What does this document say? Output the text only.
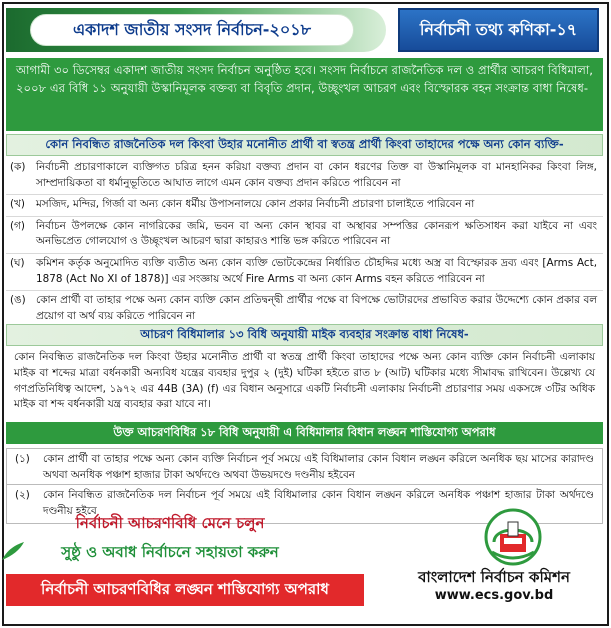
একাদশ জাতীয় সংসদ নির্বাচন-২০১৮	নির্বাচনী তথ্য কণিকা-১৭
আগামী ৩০ ডিসেম্বর একাদশ জাতীয় সংসদ নির্বাচন অনুষ্ঠিত হবে। সংসদ নির্বাচনে রাজনৈতিক দল ও প্রার্থীর আচরণ বিধিমালা, ২০০৮ এর বিধি ১১ অনুযায়ী উস্কানিমূলক বক্তব্য বা বিবৃতি প্রদান, উচ্ছৃংখল আচরণ এবং বিস্ফোরক বহন সংক্রান্ত বাধা নিষেধ-
কোন নিবন্ধিত রাজনৈতিক দল কিংবা উহার মনোনীত প্রার্থী বা স্বতন্ত্র প্রার্থী কিংবা তাহাদের পক্ষে অন্য কোন ব্যক্তি-
(ক)	নির্বাচনী প্রচারণাকালে ব্যক্তিগত চরিত্র হনন করিয়া বক্তব্য প্রদান বা কোন ধরণের তিক্ত বা উস্কানিমূলক বা মানহানিকর কিংবা লিঙ্গ, সাম্প্রদায়িকতা বা ধর্মানুভূতিতে আঘাত লাগে এমন কোন বক্তব্য প্রদান করিতে পারিবেন না
(খ)	মসজিদ, মন্দির, গির্জা বা অন্য কোন ধর্মীয় উপাসনালয়ে কোন প্রকার নির্বাচনী প্রচারণা চালাইতে পারিবেন না
(গ)	নির্বাচন উপলক্ষে কোন নাগরিকের জমি, ভবন বা অন্য কোন স্থাবর বা অস্থাবর সম্পত্তির কোনরূপ ক্ষতিসাধন করা যাইবে না এবং অনভিপ্রেত গোলযোগ ও উচ্ছৃংখল আচরণ দ্বারা কাহারও শান্তি ভঙ্গ করিতে পারিবেন না
(ঘ)	কমিশন কর্তৃক অনুমোদিত ব্যক্তি ব্যতীত অন্য কোন ব্যক্তি ভোটকেন্দ্রের নির্ধারিত চৌহদ্দির মধ্যে অস্ত্র বা বিস্ফোরক দ্রব্য এবং [Arms Act, 1878 (Act No XI of 1878)] এর সংজ্ঞায় অর্থে Fire Arms বা অন্য কোন Arms বহন করিতে পারিবেন না
(ঙ) কোন প্রার্থী বা তাহার পক্ষে অন্য কোন ব্যক্তি কোন প্রতিদ্বন্দ্বী প্রার্থীর পক্ষে বা বিপক্ষে ভোটারদের প্রভাবিত করার উদ্দেশ্যে কোন প্রকার বল প্রয়োগ বা অর্থ ব্যয় করিতে পারিবেন না
আচরণ বিধিমালার ১৩ বিধি অনুযায়ী মাইক ব্যবহার সংক্রান্ত বাধা নিষেধ-
কোন নিবন্ধিত রাজনৈতিক দল কিংবা উহার মনোনীত প্রার্থী বা স্বতন্ত্র প্রার্থী কিংবা তাহাদের পক্ষে অন্য কোন ব্যক্তি কোন নির্বাচনী এলাকায় মাইক বা শব্দের মাত্রা বর্ধনকারী অন্যবিধ যন্ত্রের ব্যবহার দুপুর ২ (দুই) ঘটিকা হইতে রাত ৮ (আট) ঘটিকার মধ্যে সীমাবদ্ধ রাখিবেন। উল্লেখ্য যে গণপ্রতিনিধিত্ব আদেশ, ১৯৭২ এর 44B (3A) (f) এর বিধান অনুসারে একটি নির্বাচনী এলাকায় নির্বাচনী প্রচারণার সময় একসঙ্গে ৩টির অধিক মাইক বা শব্দ বর্ধনকারী যন্ত্র ব্যবহার করা যাবে না।
উক্ত আচরণবিধির ১৮ বিধি অনুযায়ী এ বিধিমালার বিধান লঙ্ঘন শাস্তিযোগ্য অপরাধ
(১)	কোন প্রার্থী বা তাহার পক্ষে অন্য কোন ব্যক্তি নির্বাচন পূর্ব সময়ে এই বিধিমালার কোন বিধান লঙ্ঘন করিলে অনধিক ছয় মাসের কারাদণ্ড অথবা অনধিক পঞ্চাশ হাজার টাকা অর্থদণ্ডে অথবা উভয়দণ্ডে দণ্ডনীয় হইবেন
(২)	কোন নিবন্ধিত রাজনৈতিক দল নির্বাচন পূর্ব সময়ে এই বিধিমালার কোন বিধান লঙ্ঘন করিলে অনধিক পঞ্চাশ হাজার টাকা অর্থদণ্ডে দণ্ডনীয় হইবে
নির্বাচনী আচরণবিধি মেনে চলুন
সুষ্ঠু ও অবাধ নির্বাচনে সহায়তা করুন
নির্বাচনী আচরণবিধির লঙ্ঘন শাস্তিযোগ্য অপরাধ
বাংলাদেশ নির্বাচন কমিশন
www.ecs.gov.bd
